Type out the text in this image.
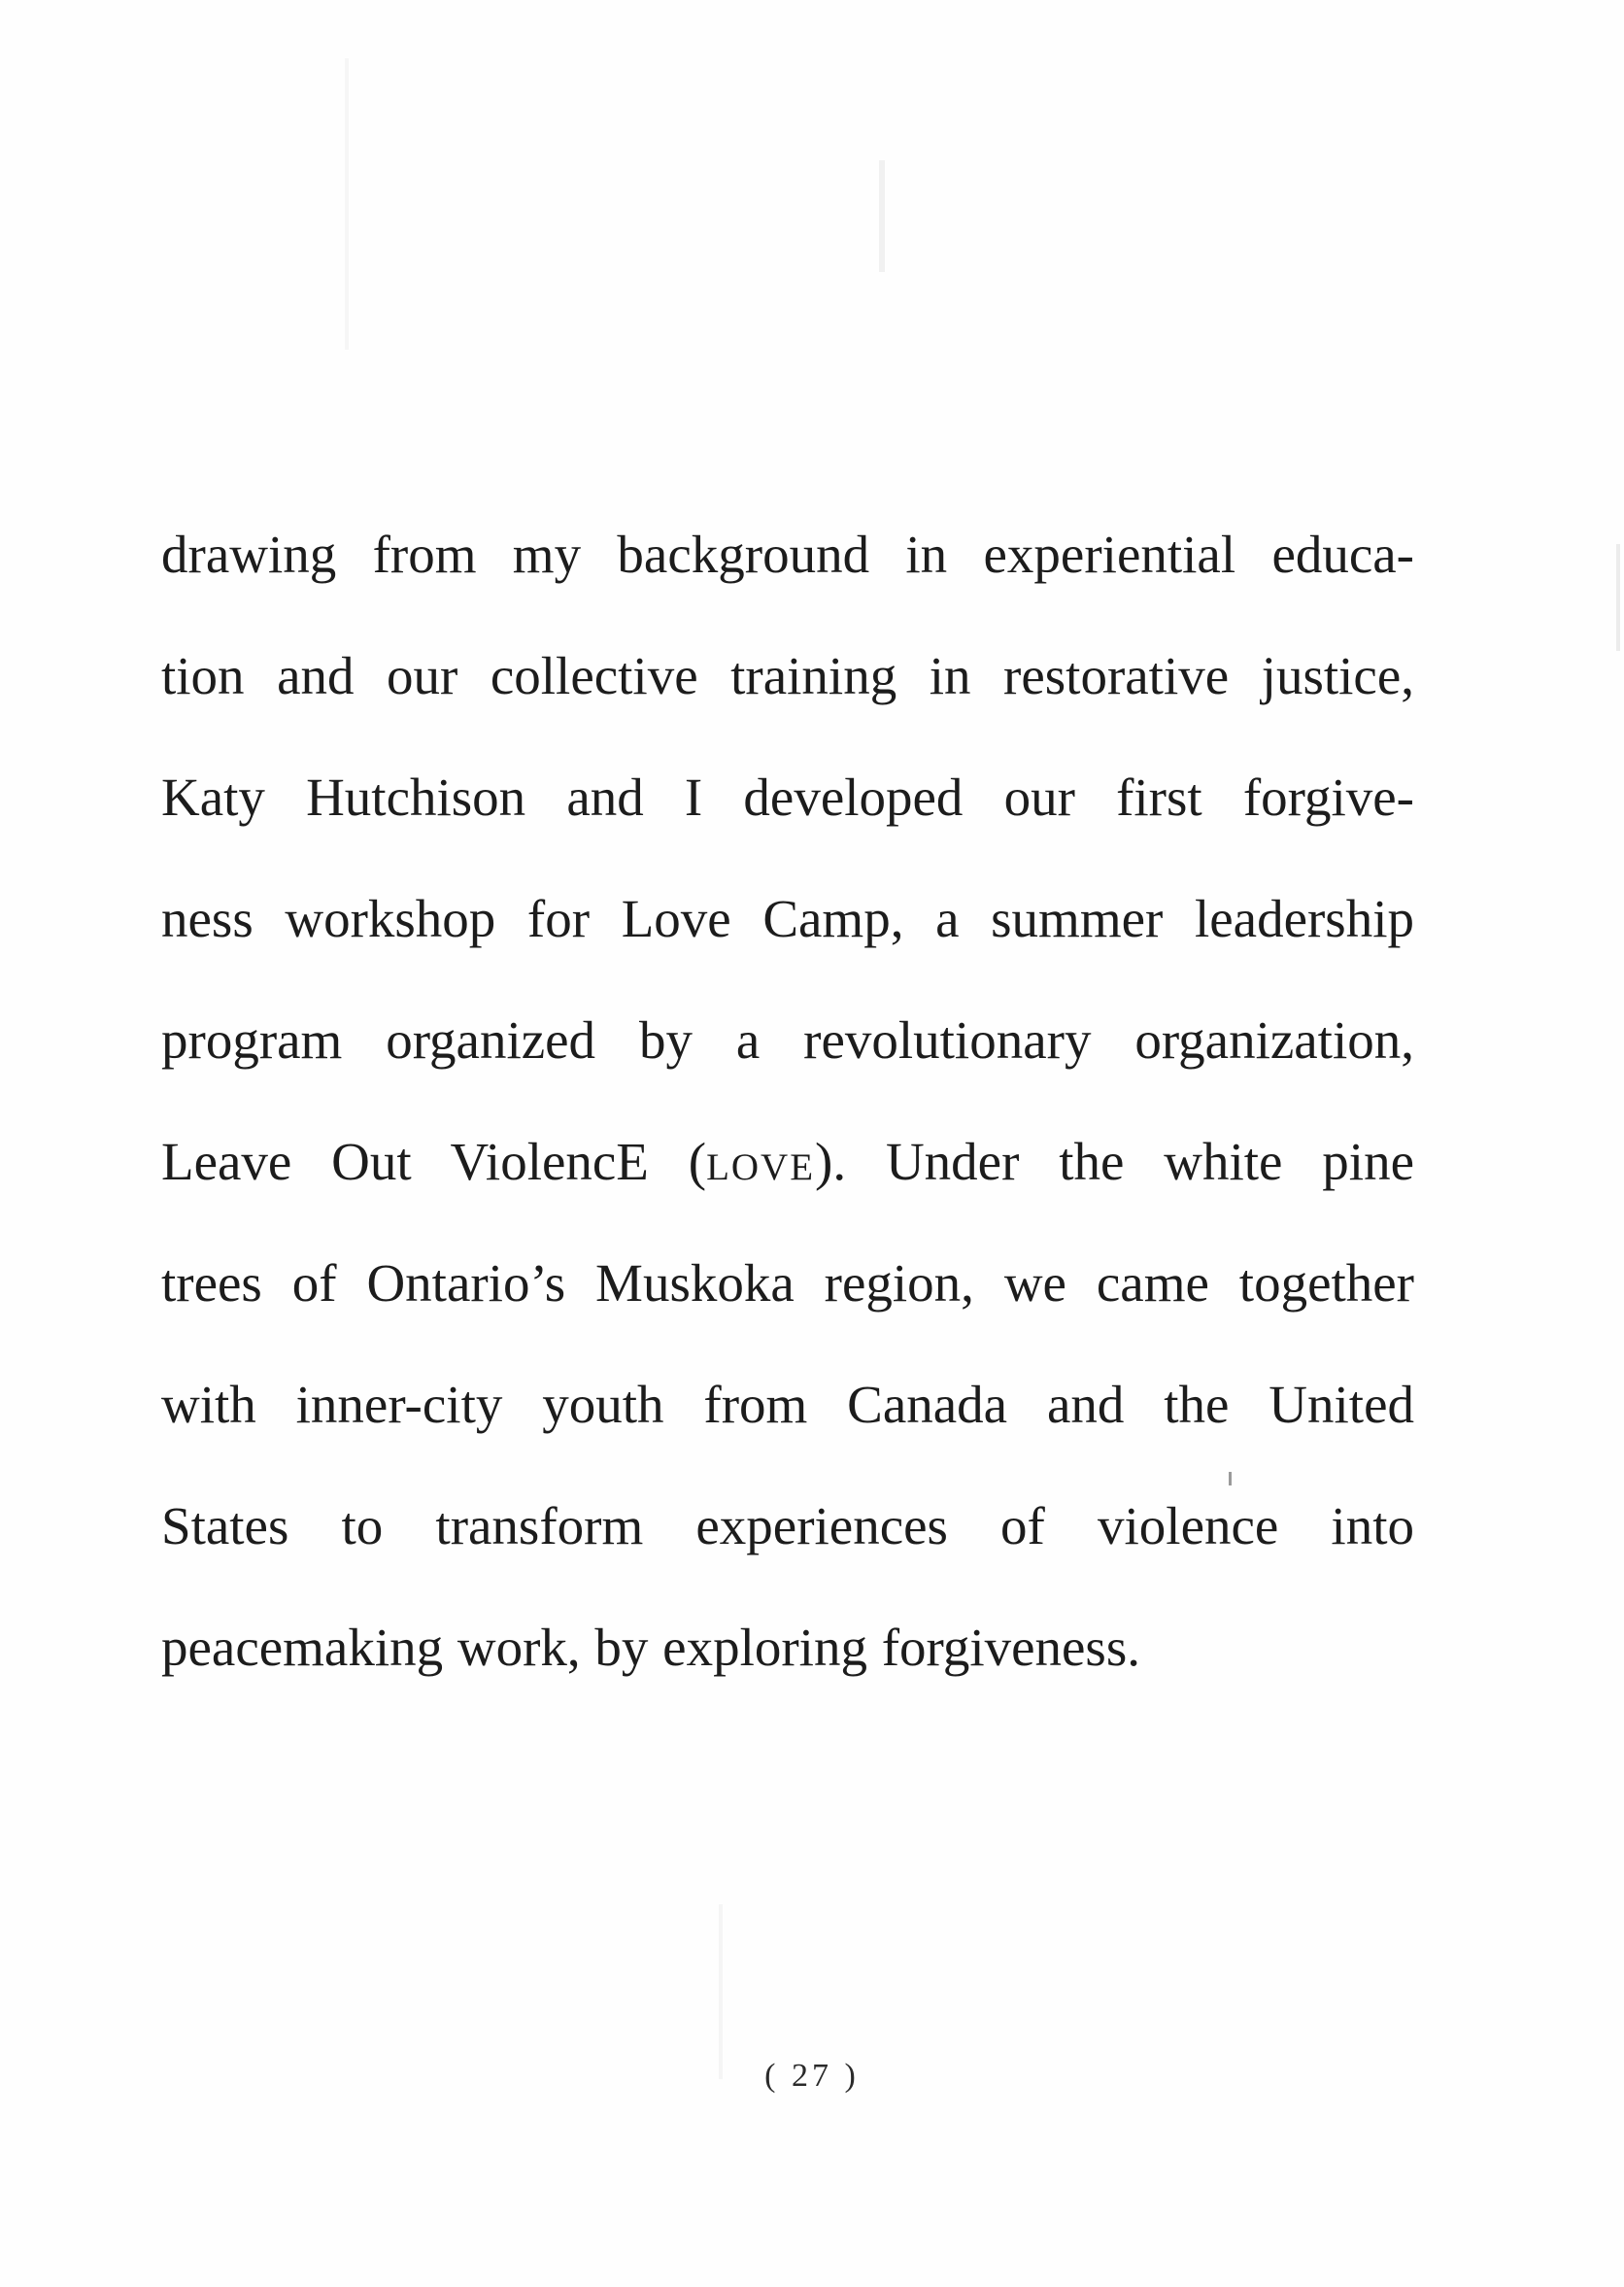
drawing from my background in experiential educa-
tion and our collective training in restorative justice,
Katy Hutchison and I developed our first forgive-
ness workshop for Love Camp, a summer leadership
program organized by a revolutionary organization,
Leave Out ViolencE (love). Under the white pine
trees of Ontario’s Muskoka region, we came together
with inner-city youth from Canada and the United
States to transform experiences of violence into
peacemaking work, by exploring forgiveness.
( 27 )
